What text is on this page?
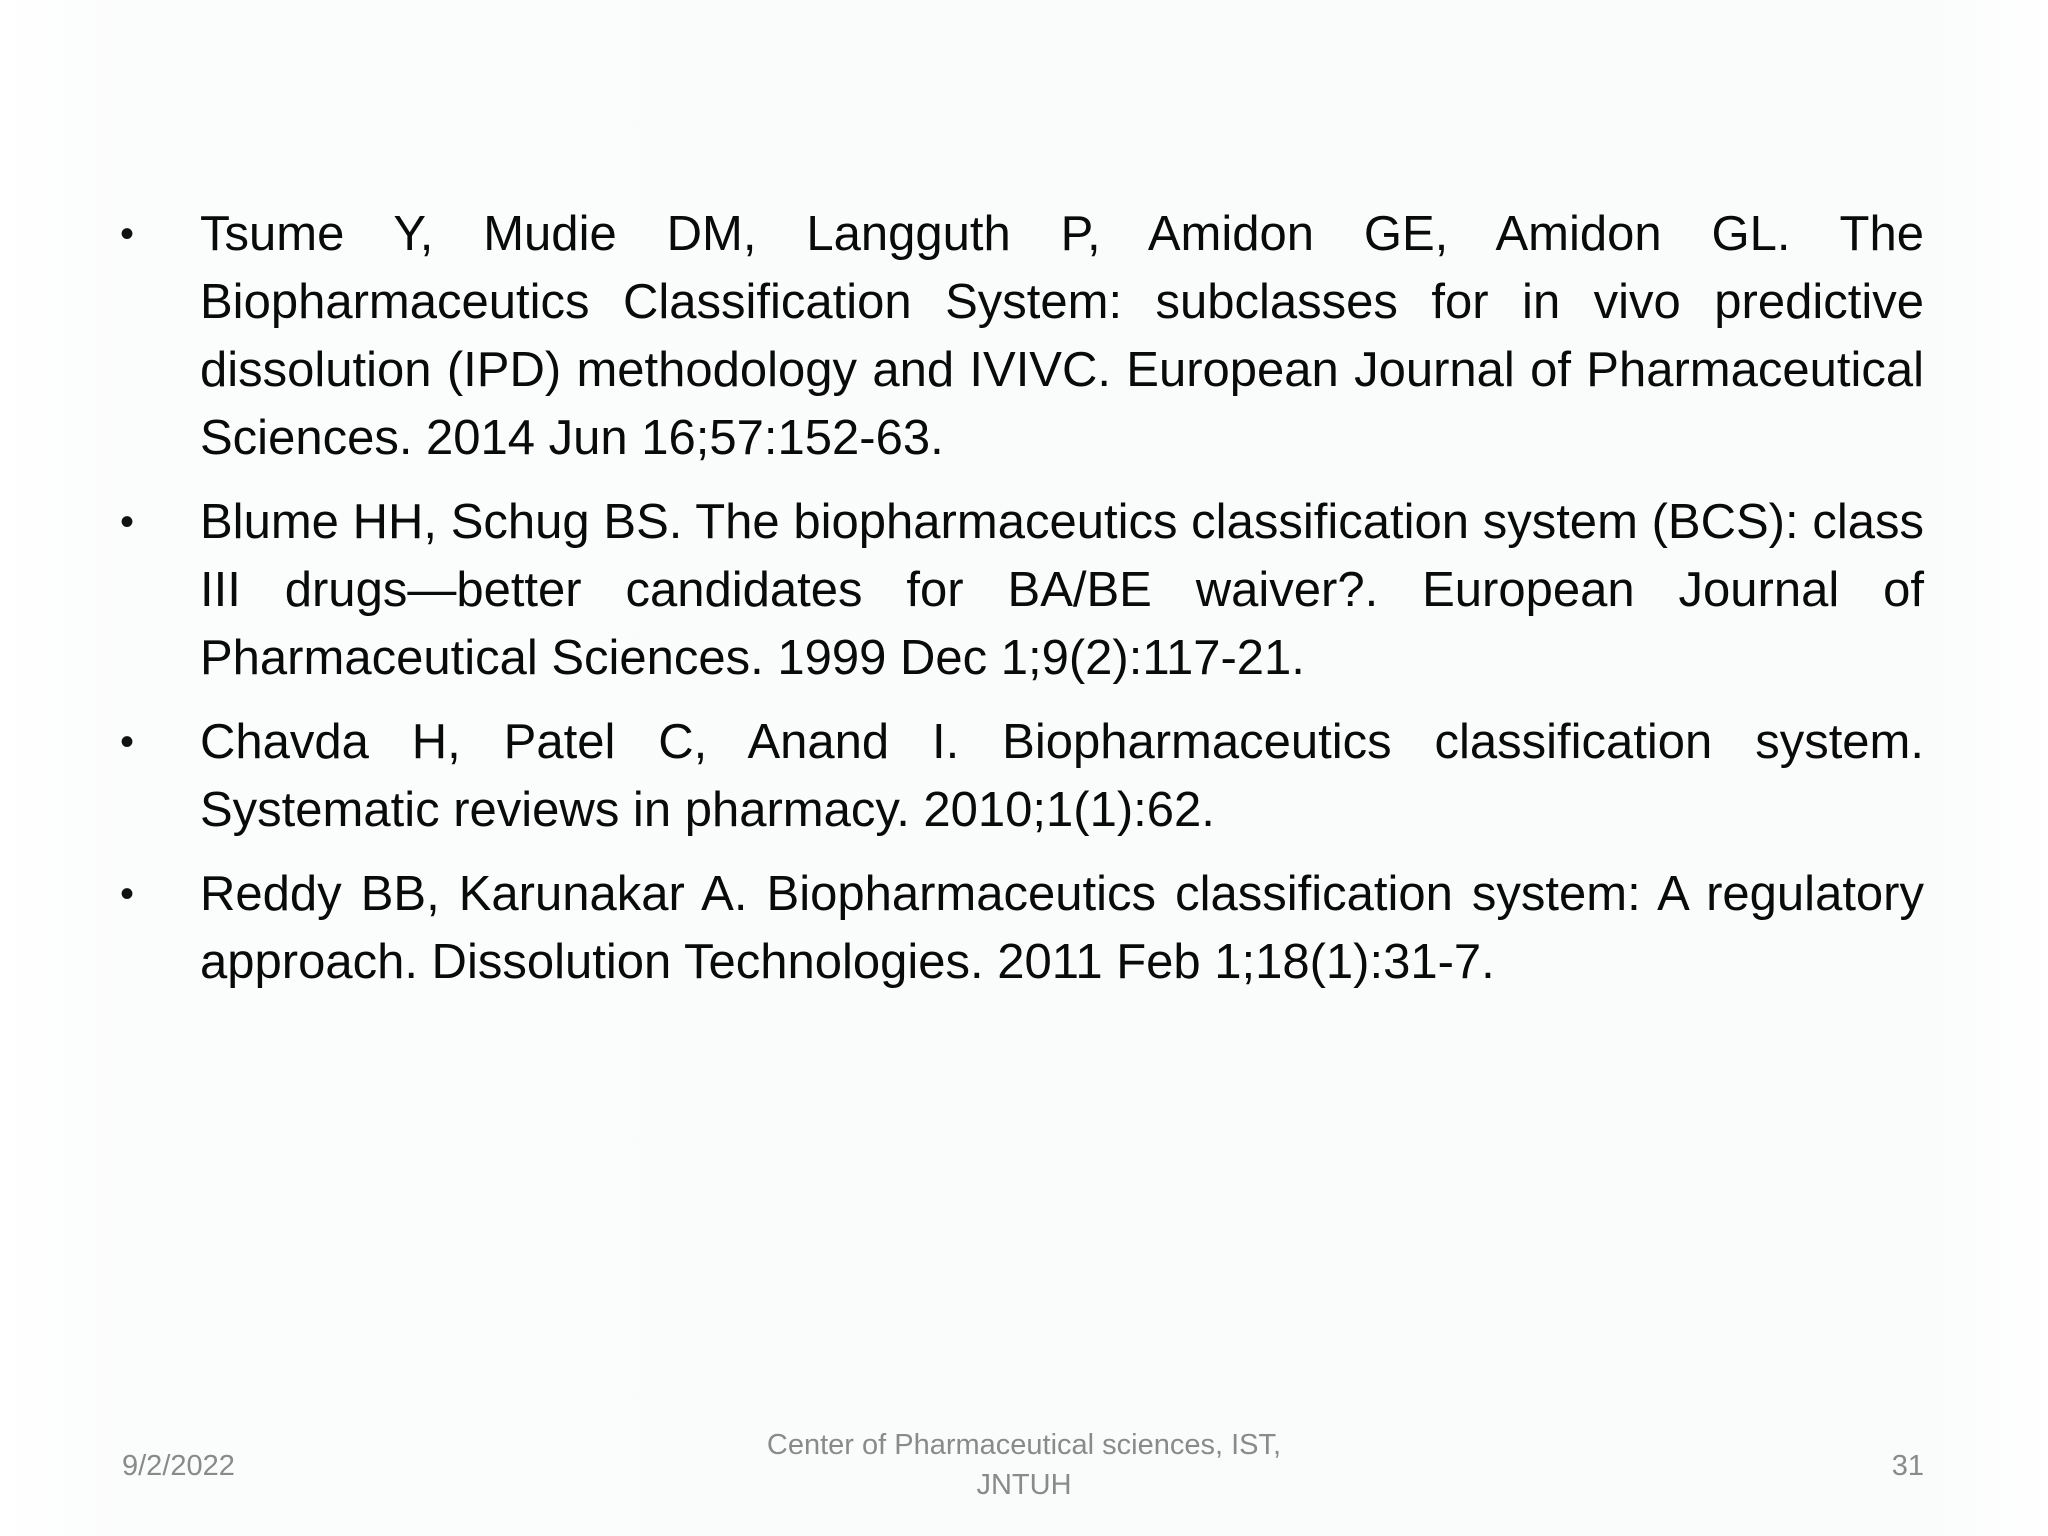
•	Tsume Y, Mudie DM, Langguth P, Amidon GE, Amidon GL. The Biopharmaceutics Classification System: subclasses for in vivo predictive dissolution (IPD) methodology and IVIVC. European Journal of Pharmaceutical Sciences. 2014 Jun 16;57:152-63.
•	Blume HH, Schug BS. The biopharmaceutics classification system (BCS): class III drugs—better candidates for BA/BE waiver?. European Journal of Pharmaceutical Sciences. 1999 Dec 1;9(2):117-21.
•	Chavda H, Patel C, Anand I. Biopharmaceutics classification system. Systematic reviews in pharmacy. 2010;1(1):62.
•	Reddy BB, Karunakar A. Biopharmaceutics classification system: A regulatory approach. Dissolution Technologies. 2011 Feb 1;18(1):31-7.
9/2/2022
Center of Pharmaceutical sciences, IST,
JNTUH
31
